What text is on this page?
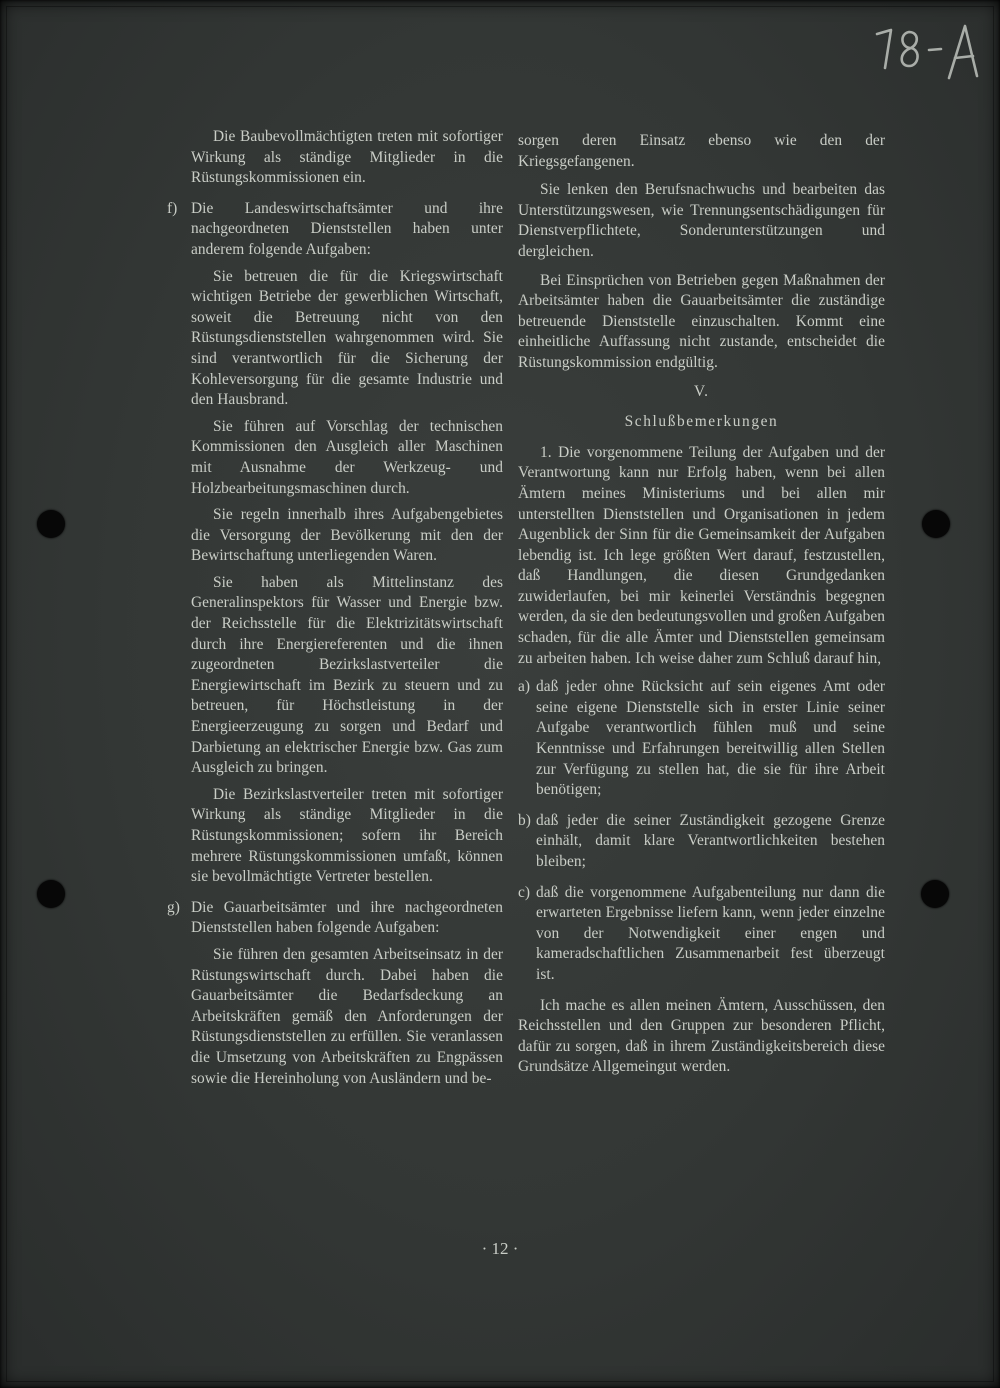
Die Baubevollmächtigten treten mit sofortiger Wirkung als ständige Mitglieder in die Rüstungskommissionen ein.

f) Die Landeswirtschaftsämter und ihre nachgeordneten Dienststellen haben unter anderem folgende Aufgaben:

Sie betreuen die für die Kriegswirtschaft wichtigen Betriebe der gewerblichen Wirtschaft, soweit die Betreuung nicht von den Rüstungsdienststellen wahrgenommen wird. Sie sind verantwortlich für die Sicherung der Kohleversorgung für die gesamte Industrie und den Hausbrand.

Sie führen auf Vorschlag der technischen Kommissionen den Ausgleich aller Maschinen mit Ausnahme der Werkzeug- und Holzbearbeitungsmaschinen durch.

Sie regeln innerhalb ihres Aufgabengebietes die Versorgung der Bevölkerung mit den der Bewirtschaftung unterliegenden Waren.

Sie haben als Mittelinstanz des Generalinspektors für Wasser und Energie bzw. der Reichsstelle für die Elektrizitätswirtschaft durch ihre Energiereferenten und die ihnen zugeordneten Bezirkslastverteiler die Energiewirtschaft im Bezirk zu steuern und zu betreuen, für Höchstleistung in der Energieerzeugung zu sorgen und Bedarf und Darbietung an elektrischer Energie bzw. Gas zum Ausgleich zu bringen.

Die Bezirkslastverteiler treten mit sofortiger Wirkung als ständige Mitglieder in die Rüstungskommissionen; sofern ihr Bereich mehrere Rüstungskommissionen umfaßt, können sie bevollmächtigte Vertreter bestellen.

g) Die Gauarbeitsämter und ihre nachgeordneten Dienststellen haben folgende Aufgaben:

Sie führen den gesamten Arbeitseinsatz in der Rüstungswirtschaft durch. Dabei haben die Gauarbeitsämter die Bedarfsdeckung an Arbeitskräften gemäß den Anforderungen der Rüstungsdienststellen zu erfüllen. Sie veranlassen die Umsetzung von Arbeitskräften zu Engpässen sowie die Hereinholung von Ausländern und be-

sorgen deren Einsatz ebenso wie den der Kriegsgefangenen.

Sie lenken den Berufsnachwuchs und bearbeiten das Unterstützungswesen, wie Trennungsentschädigungen für Dienstverpflichtete, Sonderunterstützungen und dergleichen.

Bei Einsprüchen von Betrieben gegen Maßnahmen der Arbeitsämter haben die Gauarbeitsämter die zuständige betreuende Dienststelle einzuschalten. Kommt eine einheitliche Auffassung nicht zustande, entscheidet die Rüstungskommission endgültig.

V.

Schlußbemerkungen

1. Die vorgenommene Teilung der Aufgaben und der Verantwortung kann nur Erfolg haben, wenn bei allen Ämtern meines Ministeriums und bei allen mir unterstellten Dienststellen und Organisationen in jedem Augenblick der Sinn für die Gemeinsamkeit der Aufgaben lebendig ist. Ich lege größten Wert darauf, festzustellen, daß Handlungen, die diesen Grundgedanken zuwiderlaufen, bei mir keinerlei Verständnis begegnen werden, da sie den bedeutungsvollen und großen Aufgaben schaden, für die alle Ämter und Dienststellen gemeinsam zu arbeiten haben. Ich weise daher zum Schluß darauf hin,

a) daß jeder ohne Rücksicht auf sein eigenes Amt oder seine eigene Dienststelle sich in erster Linie seiner Aufgabe verantwortlich fühlen muß und seine Kenntnisse und Erfahrungen bereitwillig allen Stellen zur Verfügung zu stellen hat, die sie für ihre Arbeit benötigen;

b) daß jeder die seiner Zuständigkeit gezogene Grenze einhält, damit klare Verantwortlichkeiten bestehen bleiben;

c) daß die vorgenommene Aufgabenteilung nur dann die erwarteten Ergebnisse liefern kann, wenn jeder einzelne von der Notwendigkeit einer engen und kameradschaftlichen Zusammenarbeit fest überzeugt ist.

Ich mache es allen meinen Ämtern, Ausschüssen, den Reichsstellen und den Gruppen zur besonderen Pflicht, dafür zu sorgen, daß in ihrem Zuständigkeitsbereich diese Grundsätze Allgemeingut werden.

· 12 ·
